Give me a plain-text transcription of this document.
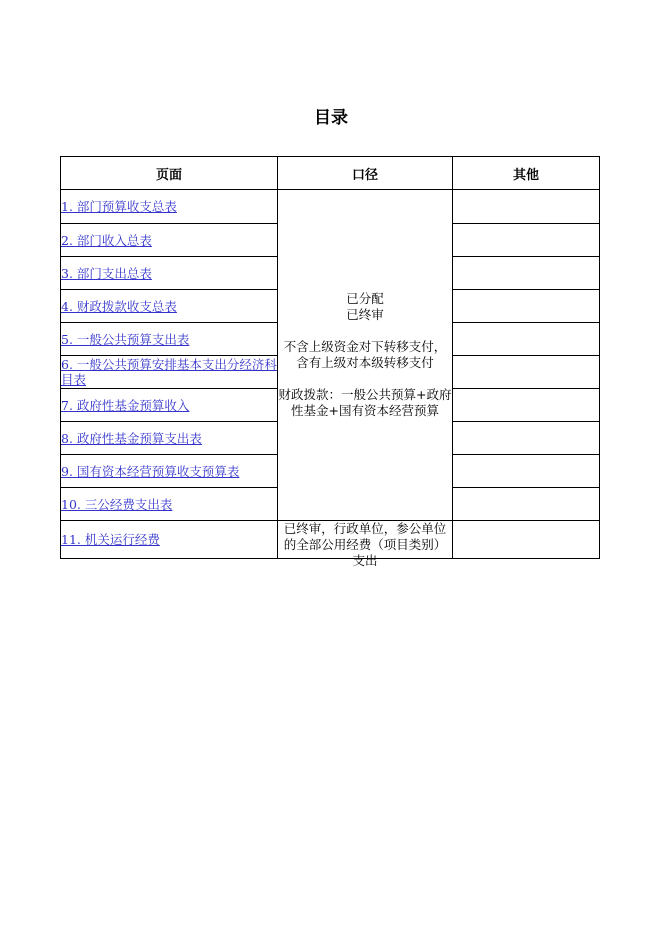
目录
页面	口径	其他
1. 部门预算收支总表	已分配
已终审
不含上级资金对下转移支付，含有上级对本级转移支付
财政拨款：一般公共预算+政府性基金+国有资本经营预算	

2. 部门收入总表		
3. 部门支出总表		
4. 财政拨款收支总表		
5. 一般公共预算支出表		
6. 一般公共预算安排基本支出分经济科目表		
7. 政府性基金预算收入		
8. 政府性基金预算支出表		
9. 国有资本经营预算收支预算表		
10. 三公经费支出表		
11. 机关运行经费	已终审，行政单位，参公单位的全部公用经费（项目类别）支出	
